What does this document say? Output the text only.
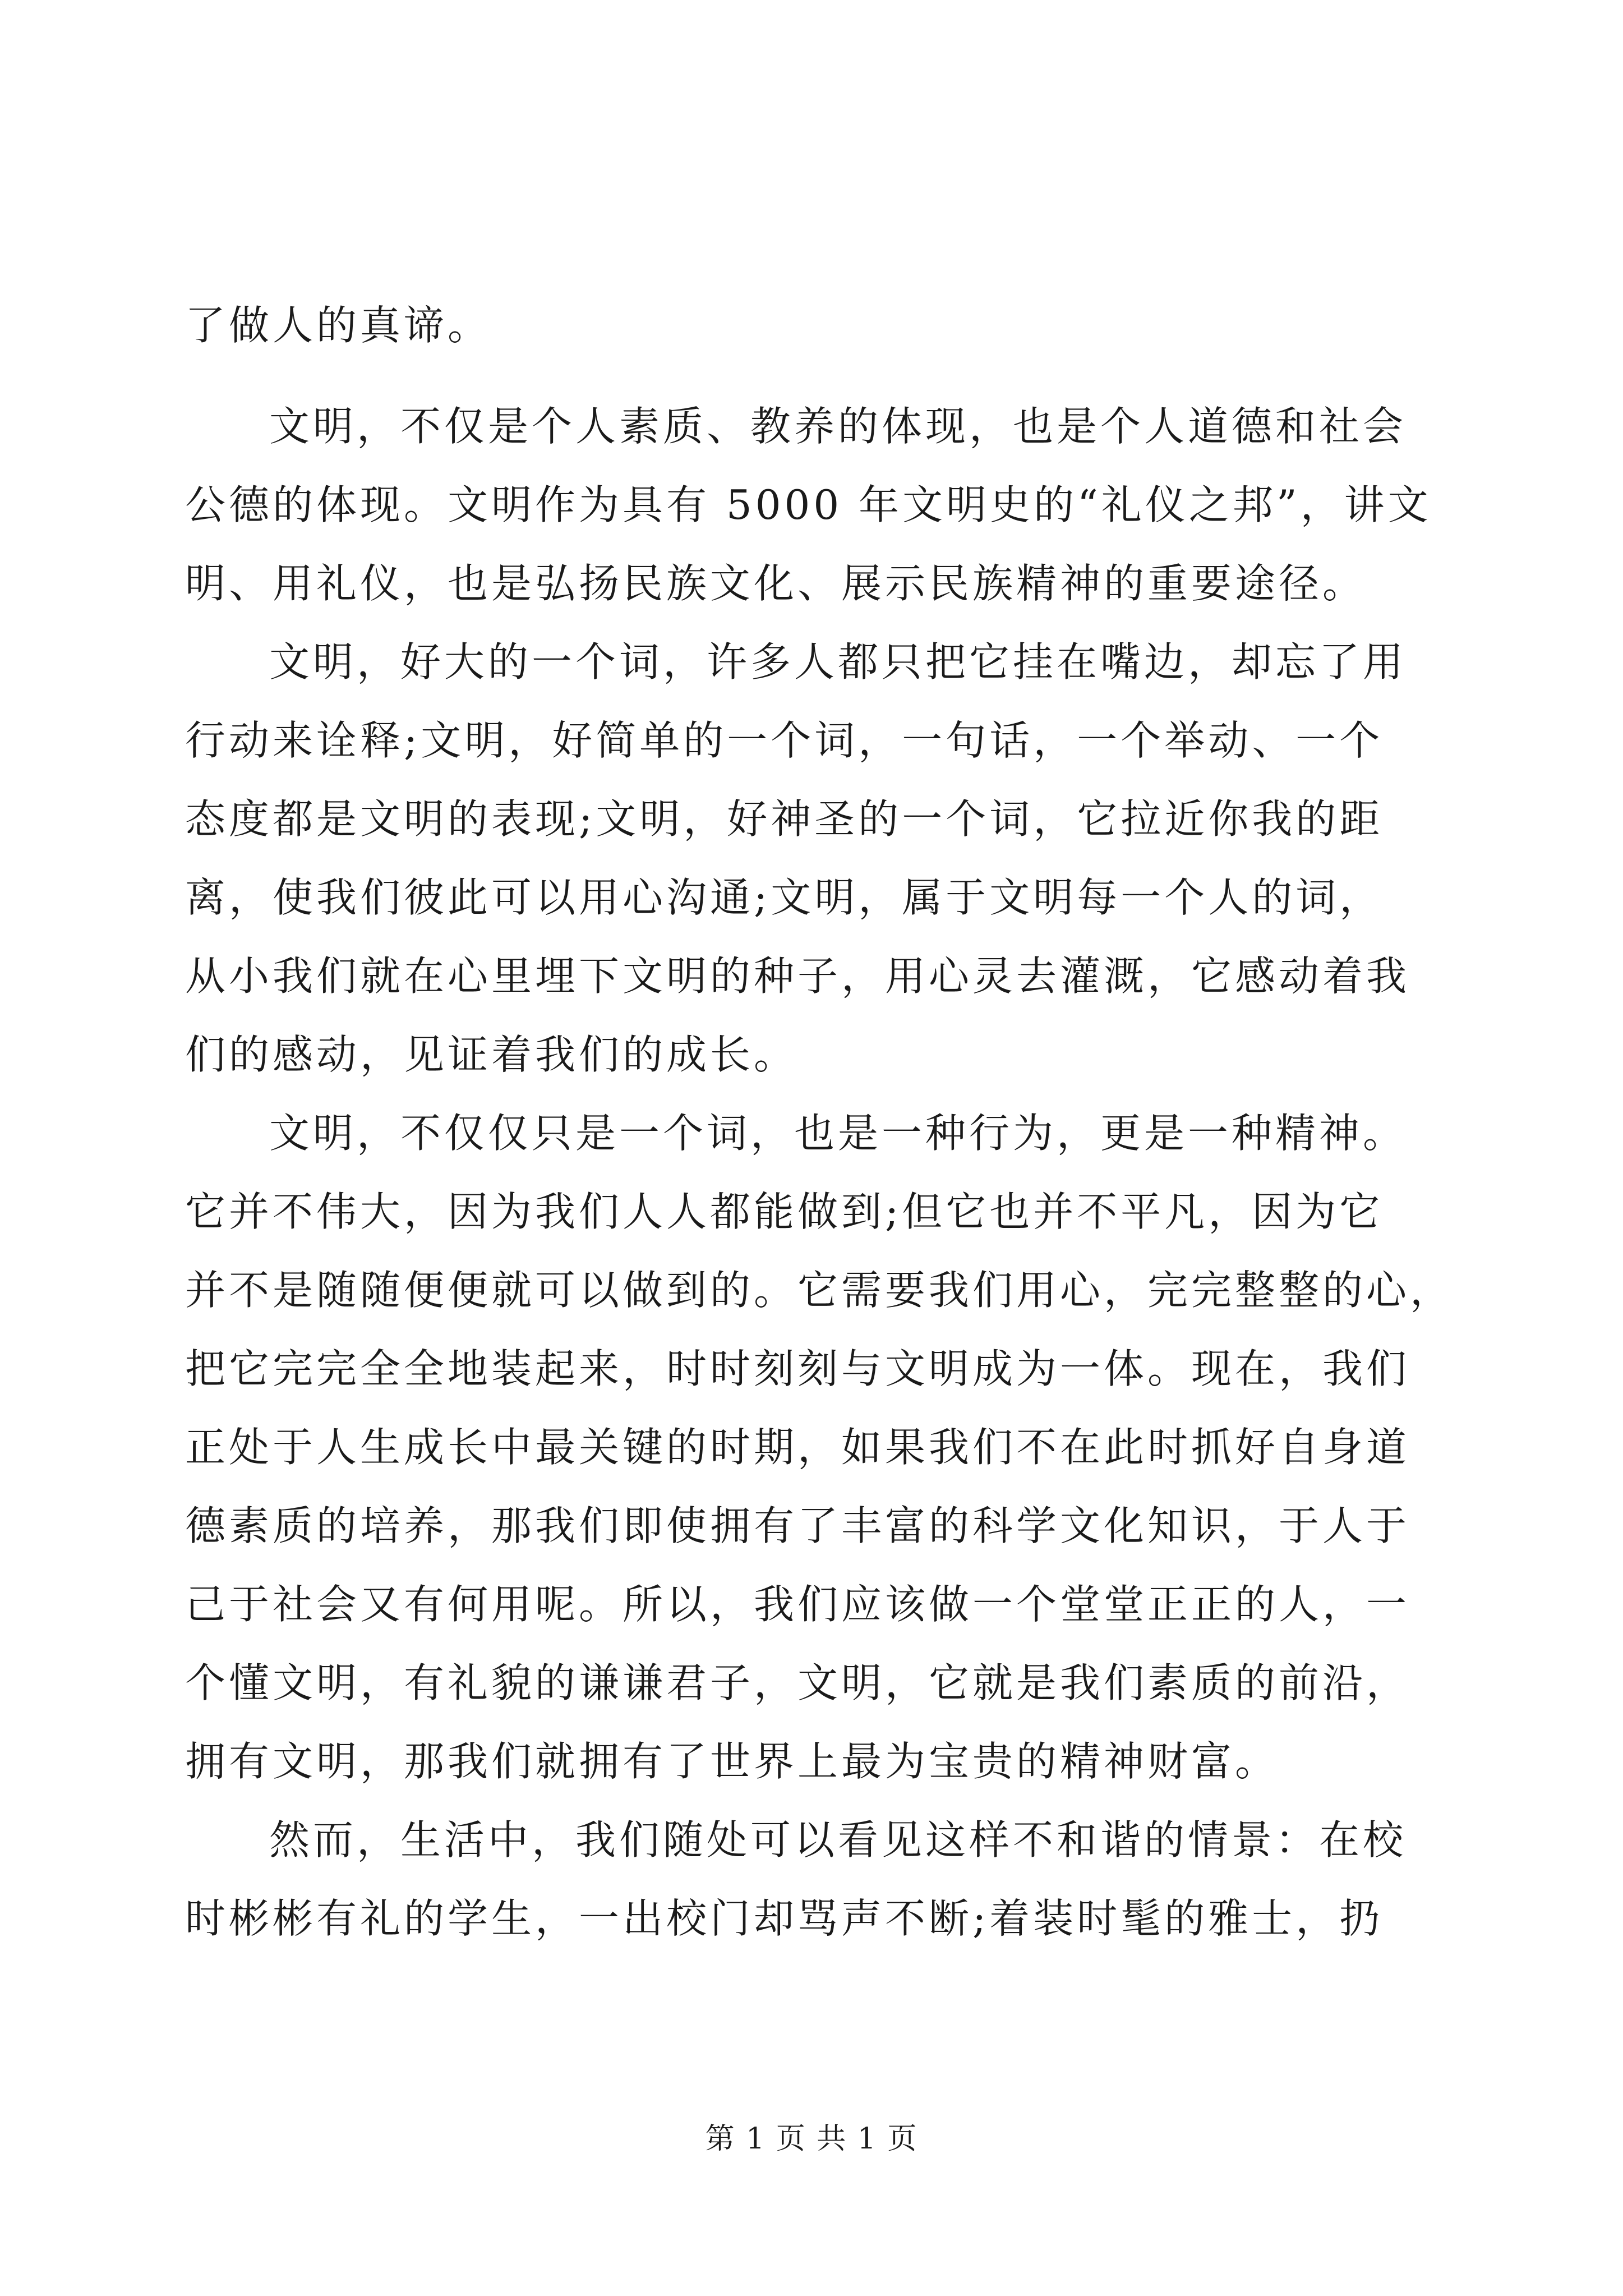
了做人的真谛。
文明，不仅是个人素质、教养的体现，也是个人道德和社会
公德的体现。文明作为具有 5000 年文明史的“礼仪之邦”，讲文
明、用礼仪，也是弘扬民族文化、展示民族精神的重要途径。
文明，好大的一个词，许多人都只把它挂在嘴边，却忘了用
行动来诠释;文明，好简单的一个词，一句话，一个举动、一个
态度都是文明的表现;文明，好神圣的一个词，它拉近你我的距
离，使我们彼此可以用心沟通;文明，属于文明每一个人的词，
从小我们就在心里埋下文明的种子，用心灵去灌溉，它感动着我
们的感动，见证着我们的成长。
文明，不仅仅只是一个词，也是一种行为，更是一种精神。
它并不伟大，因为我们人人都能做到;但它也并不平凡，因为它
并不是随随便便就可以做到的。它需要我们用心，完完整整的心，
把它完完全全地装起来，时时刻刻与文明成为一体。现在，我们
正处于人生成长中最关键的时期，如果我们不在此时抓好自身道
德素质的培养，那我们即使拥有了丰富的科学文化知识，于人于
己于社会又有何用呢。所以，我们应该做一个堂堂正正的人，一
个懂文明，有礼貌的谦谦君子，文明，它就是我们素质的前沿，
拥有文明，那我们就拥有了世界上最为宝贵的精神财富。
然而，生活中，我们随处可以看见这样不和谐的情景：在校
时彬彬有礼的学生，一出校门却骂声不断;着装时髦的雅士，扔
第 1 页 共 1 页
